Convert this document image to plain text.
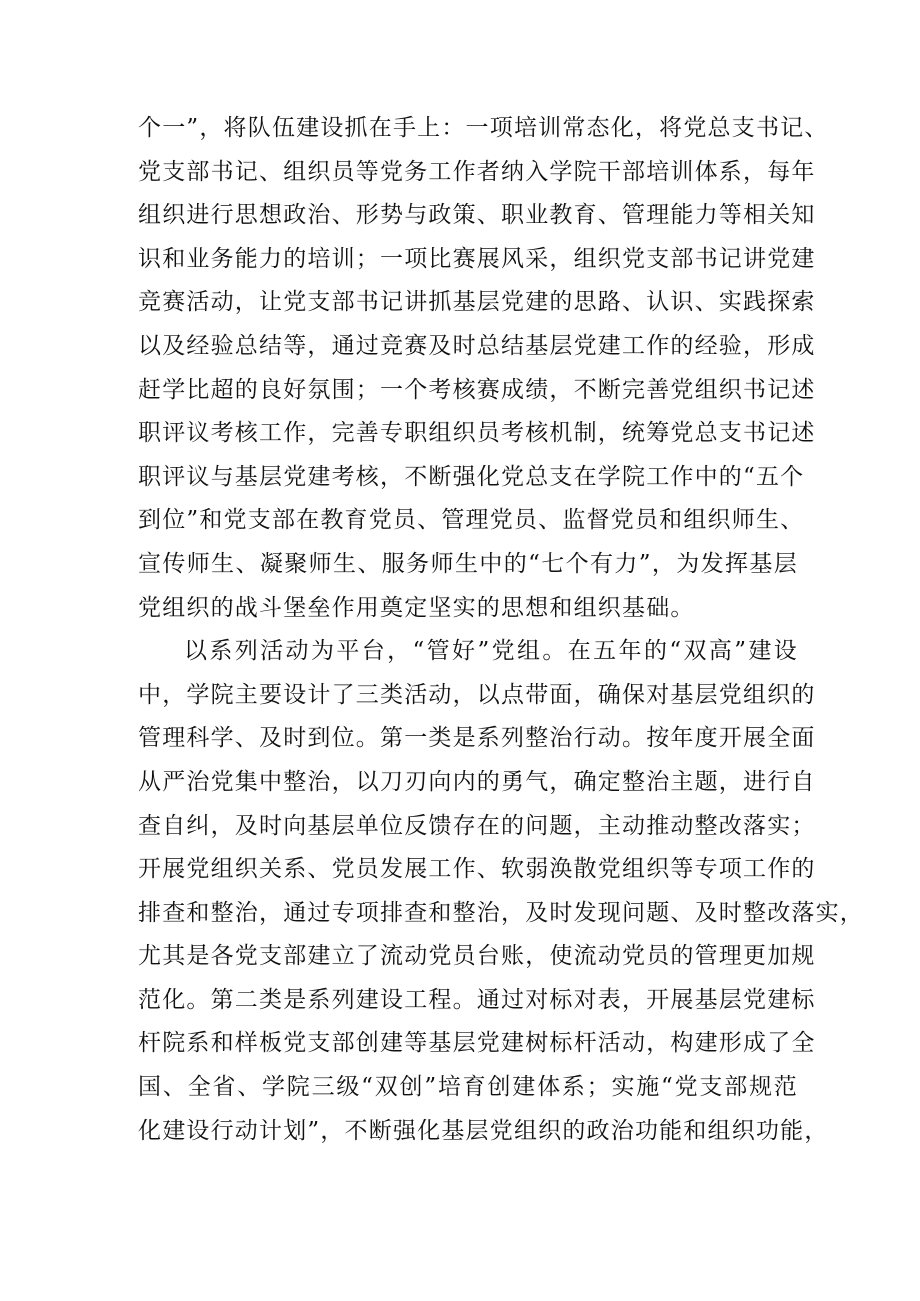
个一”，将队伍建设抓在手上：一项培训常态化，将党总支书记、
党支部书记、组织员等党务工作者纳入学院干部培训体系，每年
组织进行思想政治、形势与政策、职业教育、管理能力等相关知
识和业务能力的培训；一项比赛展风采，组织党支部书记讲党建
竞赛活动，让党支部书记讲抓基层党建的思路、认识、实践探索
以及经验总结等，通过竞赛及时总结基层党建工作的经验，形成
赶学比超的良好氛围；一个考核赛成绩，不断完善党组织书记述
职评议考核工作，完善专职组织员考核机制，统筹党总支书记述
职评议与基层党建考核，不断强化党总支在学院工作中的“五个
到位”和党支部在教育党员、管理党员、监督党员和组织师生、
宣传师生、凝聚师生、服务师生中的“七个有力”，为发挥基层
党组织的战斗堡垒作用奠定坚实的思想和组织基础。
以系列活动为平台，“管好”党组。在五年的“双高”建设
中，学院主要设计了三类活动，以点带面，确保对基层党组织的
管理科学、及时到位。第一类是系列整治行动。按年度开展全面
从严治党集中整治，以刀刃向内的勇气，确定整治主题，进行自
查自纠，及时向基层单位反馈存在的问题，主动推动整改落实；
开展党组织关系、党员发展工作、软弱涣散党组织等专项工作的
排查和整治，通过专项排查和整治，及时发现问题、及时整改落实，
尤其是各党支部建立了流动党员台账，使流动党员的管理更加规
范化。第二类是系列建设工程。通过对标对表，开展基层党建标
杆院系和样板党支部创建等基层党建树标杆活动，构建形成了全
国、全省、学院三级“双创”培育创建体系；实施“党支部规范
化建设行动计划”，不断强化基层党组织的政治功能和组织功能，
